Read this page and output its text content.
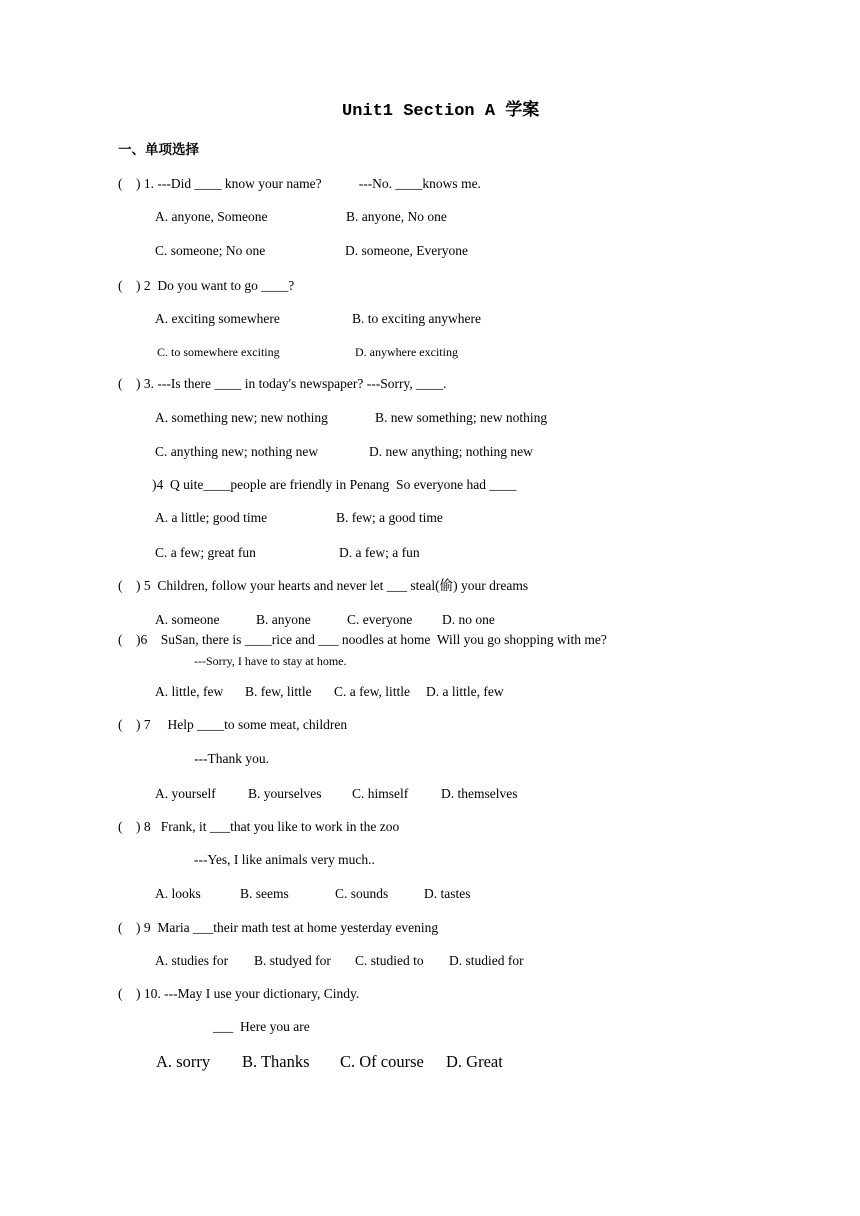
Unit1 Section A 学案
一、单项选择
(    ) 1. ---Did ____ know your name?           ---No. ____knows me.
A. anyone, Someone	B. anyone, No one
C. someone; No one	D. someone, Everyone
(    ) 2  Do you want to go ____?
A. exciting somewhere	B. to exciting anywhere
C. to somewhere exciting	D. anywhere exciting
(    ) 3. ---Is there ____ in today's newspaper? ---Sorry, ____.
A. something new; new nothing	B. new something; new nothing
C. anything new; nothing new	D. new anything; nothing new
)4  Q uite____people are friendly in Penang  So everyone had ____
A. a little; good time	B. few; a good time
C. a few; great fun	D. a few; a fun
(    ) 5  Children, follow your hearts and never let ___ steal(偷) your dreams
A. someone	B. anyone	C. everyone D. no one
(    )6    SuSan, there is ____rice and ___ noodles at home  Will you go shopping with me?
---Sorry, I have to stay at home.
A. little, few B. few, little C. a few, little D. a little, few
(    ) 7     Help ____to some meat, children
---Thank you.
A. yourself B. yourselves C. himself D. themselves
(    ) 8   Frank, it ___that you like to work in the zoo
---Yes, I like animals very much..
A. looks	B. seems	C. sounds	D. tastes
(    ) 9  Maria ___their math test at home yesterday evening
A. studies for B. studyed for C. studied to D. studied for
(    ) 10. ---May I use your dictionary, Cindy.
___  Here you are
A. sorry B. Thanks C. Of course D. Great
